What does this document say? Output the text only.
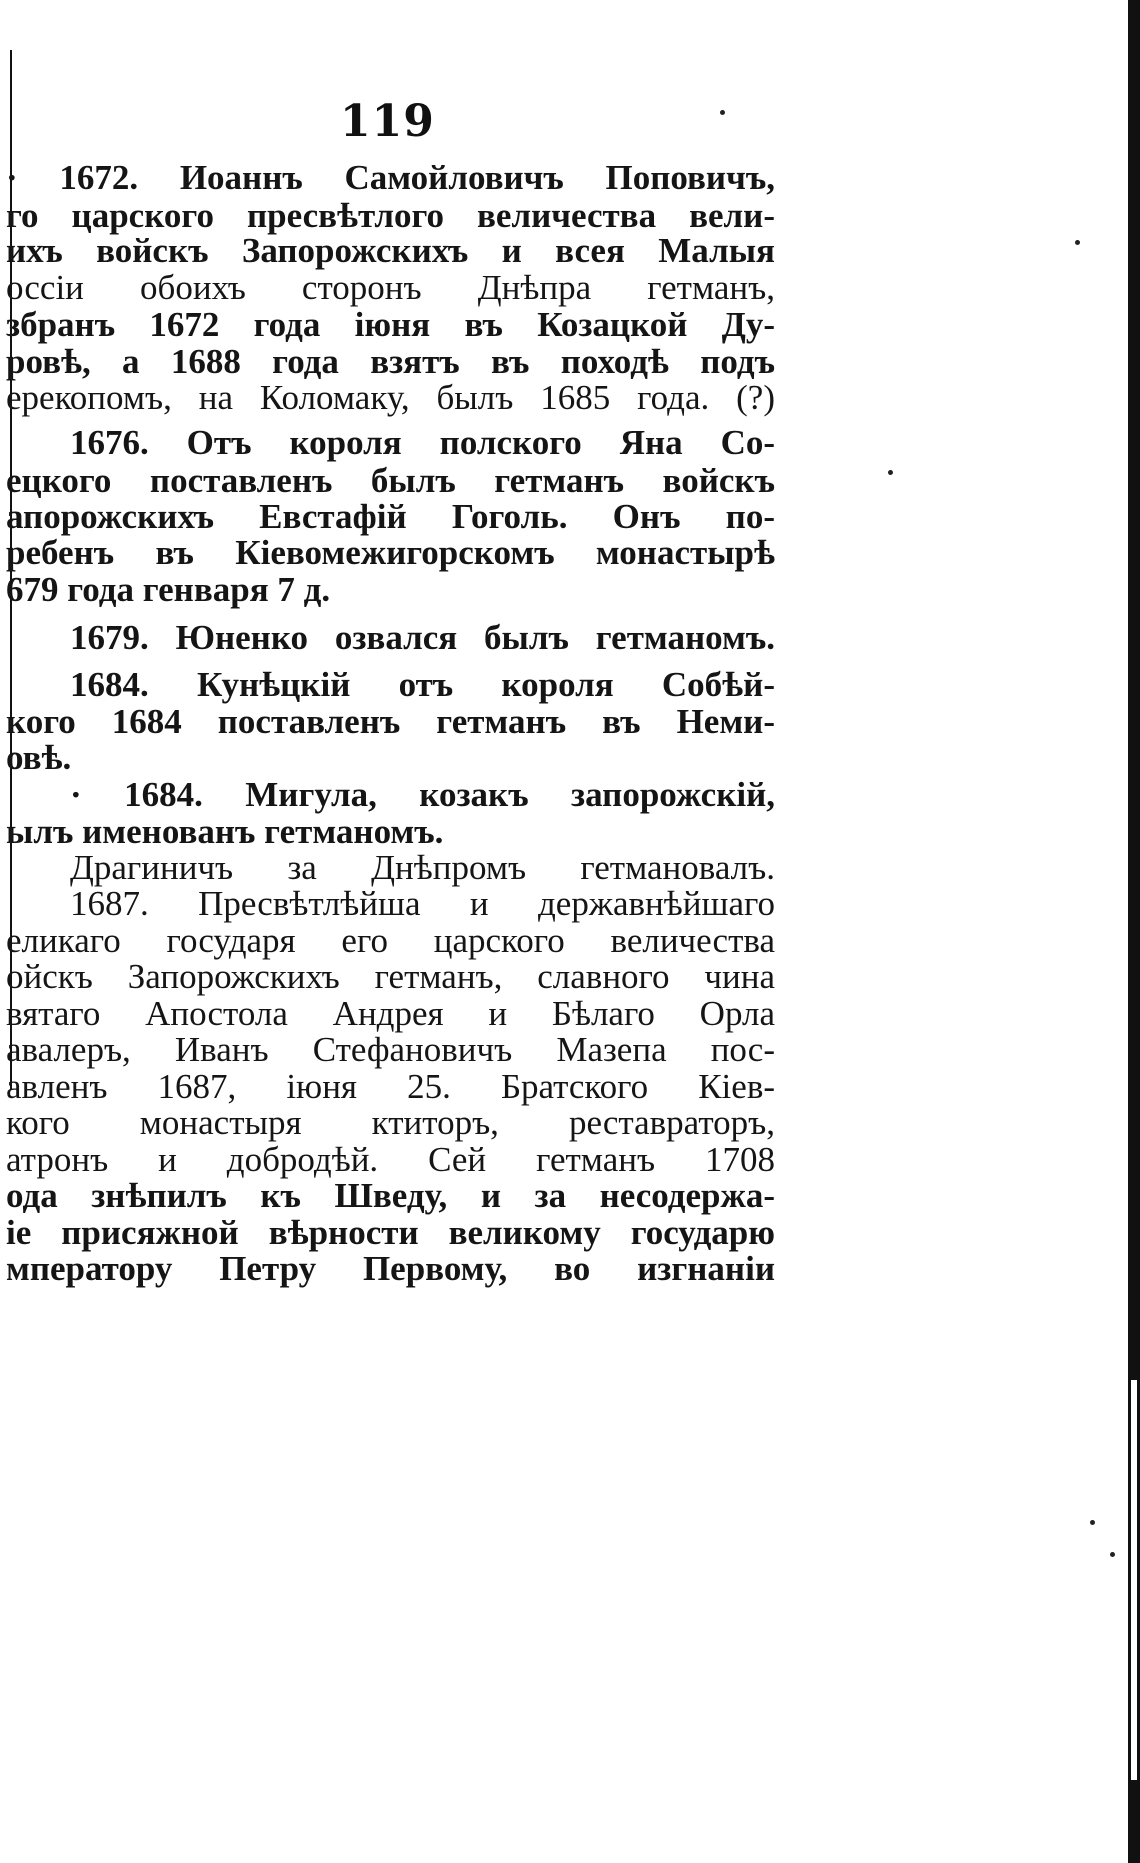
119
· 1672. Иоаннъ Самойловичъ Поповичъ,
го царского пресвѣтлого величества вели-
ихъ войскъ Запорожскихъ и всея Малыя
оссіи обоихъ сторонъ Днѣпра гетманъ,
збранъ 1672 года іюня въ Козацкой Ду-
ровѣ, а 1688 года взятъ въ походѣ подъ
ерекопомъ, на Коломаку, былъ 1685 года. (?)
1676. Отъ короля полского Яна Со-
ецкого поставленъ былъ гетманъ войскъ
апорожскихъ Евстафій Гоголь. Онъ по-
ребенъ въ Кіевомежигорскомъ монастырѣ
679 года генваря 7 д.
1679. Юненко озвался былъ гетманомъ.
1684. Кунѣцкій отъ короля Собѣй-
кого 1684 поставленъ гетманъ въ Неми-
овѣ.
· 1684. Мигула, козакъ запорожскій,
ылъ именованъ гетманомъ.
Драгиничъ за Днѣпромъ гетмановалъ.
1687. Пресвѣтлѣйша и державнѣйшаго
еликаго государя его царского величества
ойскъ Запорожскихъ гетманъ, славного чина
вятаго Апостола Андрея и Бѣлаго Орла
авалеръ, Иванъ Стефановичъ Мазепа пос-
авленъ 1687, іюня 25. Братского Кіев-
кого монастыря ктиторъ, реставраторъ,
атронъ и добродѣй. Сей гетманъ 1708
ода знѣпилъ къ Шведу, и за несодержа-
іе присяжной вѣрности великому государю
мператору Петру Первому, во изгнаніи
